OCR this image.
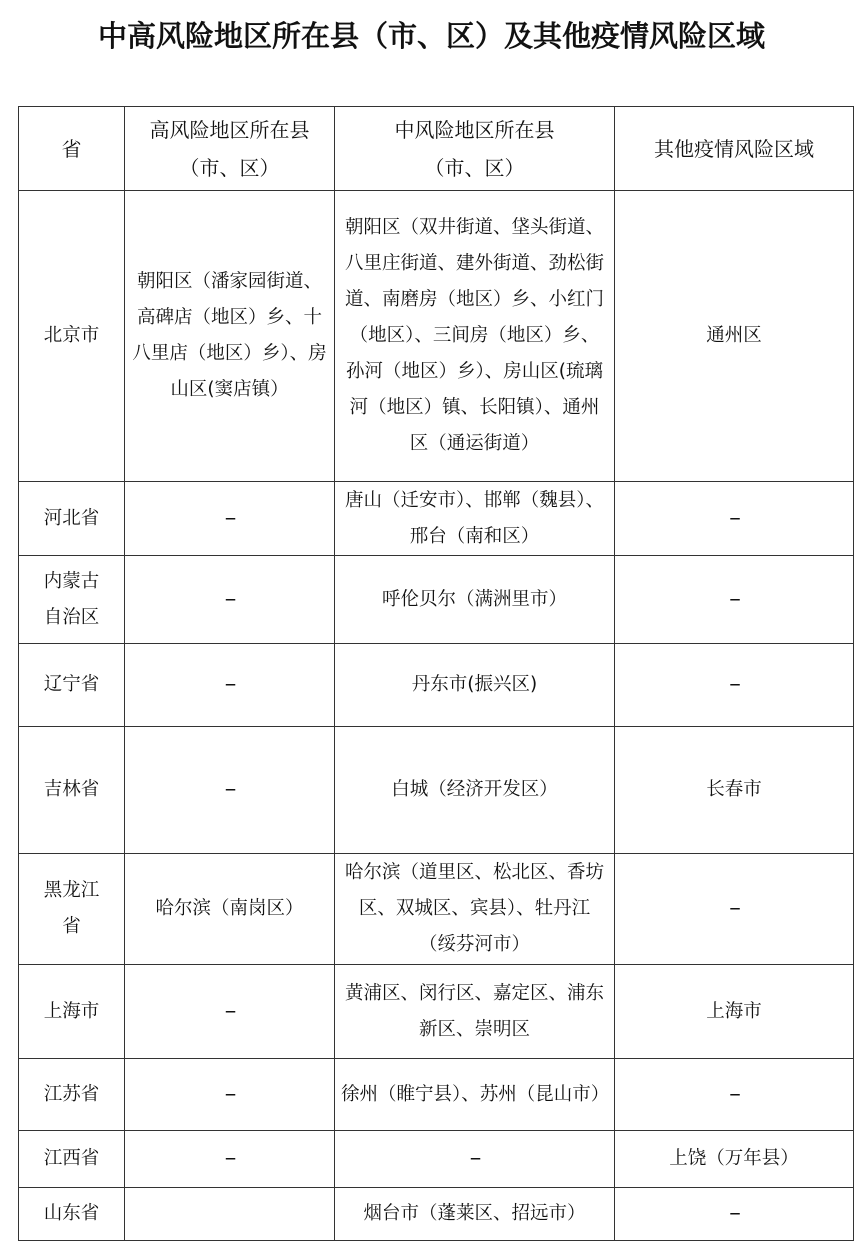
中高风险地区所在县（市、区）及其他疫情风险区域
省	高风险地区所在县（市、区）	中风险地区所在县（市、区）	其他疫情风险区域
北京市	朝阳区（潘家园街道、高碑店（地区）乡、十八里店（地区）乡）、房山区(窦店镇）	朝阳区（双井街道、垡头街道、八里庄街道、建外街道、劲松街道、南磨房（地区）乡、小红门（地区）、三间房（地区）乡、孙河（地区）乡）、房山区(琉璃河（地区）镇、长阳镇）、通州区（通运街道）	通州区
河北省	--	唐山（迁安市）、邯郸（魏县）、邢台（南和区）	--
内蒙古自治区	--	呼伦贝尔（满洲里市）	--
辽宁省	--	丹东市(振兴区)	--
吉林省	--	白城（经济开发区）	长春市
黑龙江省	哈尔滨（南岗区）	哈尔滨（道里区、松北区、香坊区、双城区、宾县）、牡丹江（绥芬河市）	--
上海市	--	黄浦区、闵行区、嘉定区、浦东新区、崇明区	上海市
江苏省	--	徐州（睢宁县）、苏州（昆山市）	--
江西省	--	--	上饶（万年县）
山东省		烟台市（蓬莱区、招远市）	--
